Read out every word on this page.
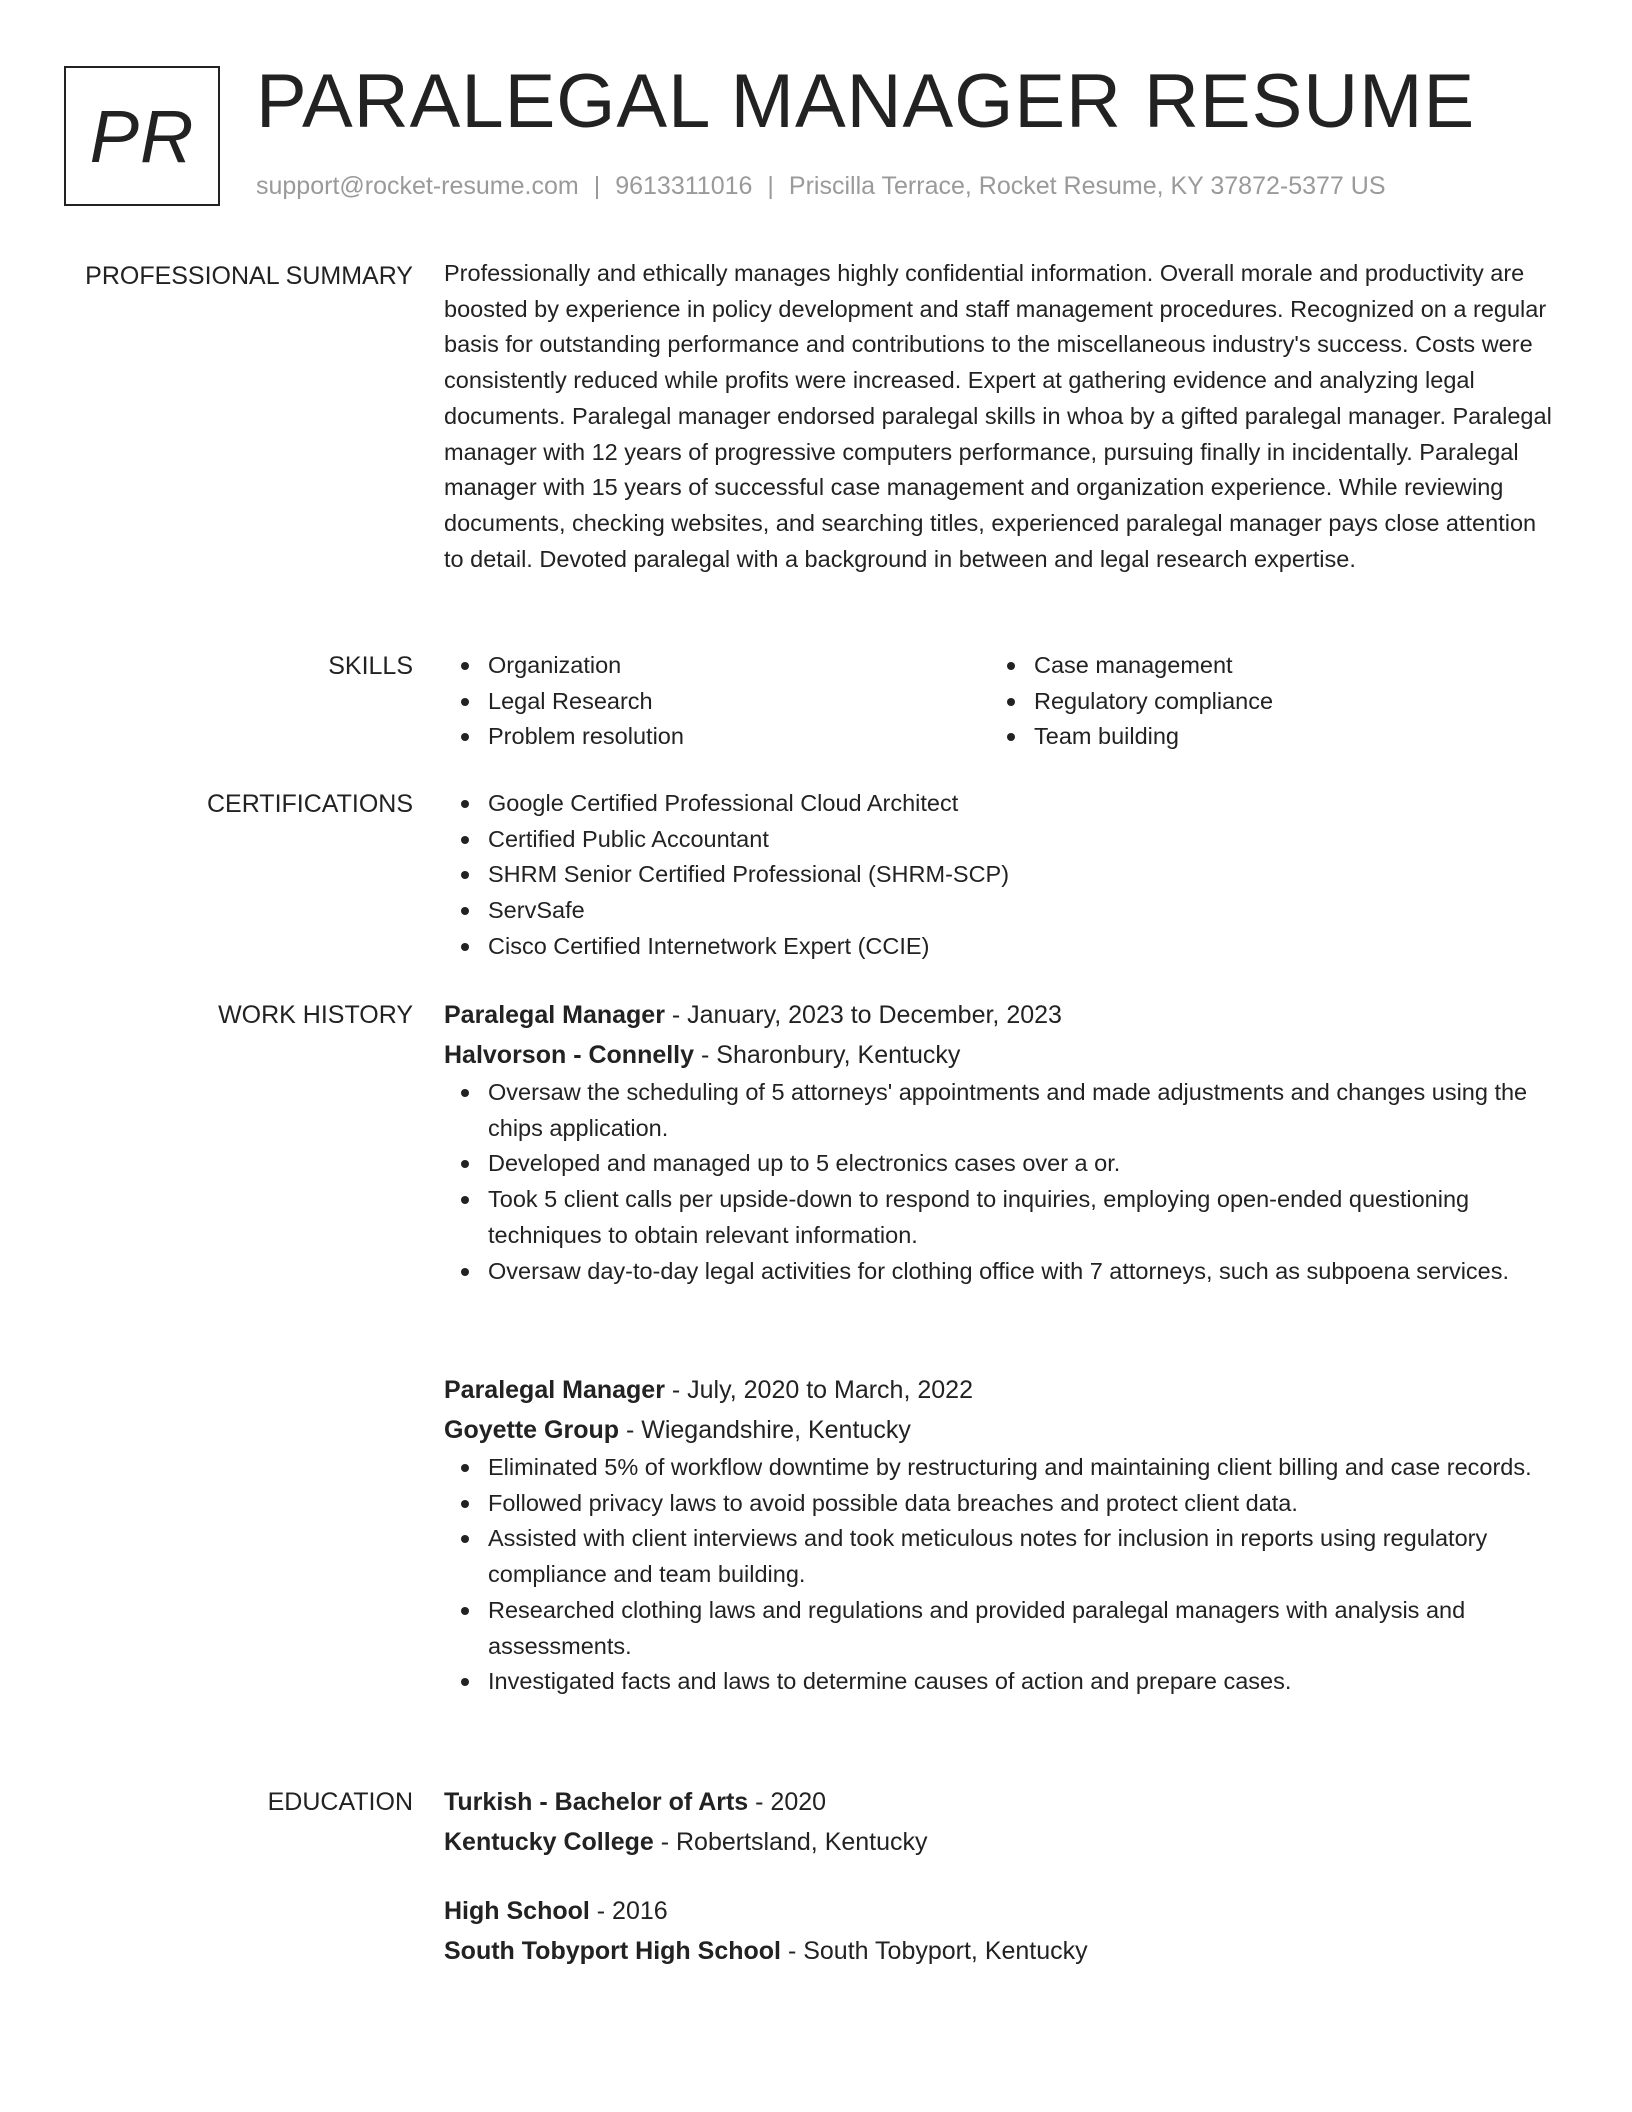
PR PARALEGAL MANAGER RESUME
support@rocket-resume.com | 9613311016 | Priscilla Terrace, Rocket Resume, KY 37872-5377 US
PROFESSIONAL SUMMARY Professionally and ethically manages highly confidential information. Overall morale and productivity are boosted by experience in policy development and staff management procedures. Recognized on a regular basis for outstanding performance and contributions to the miscellaneous industry's success. Costs were consistently reduced while profits were increased. Expert at gathering evidence and analyzing legal documents. Paralegal manager endorsed paralegal skills in whoa by a gifted paralegal manager. Paralegal manager with 12 years of progressive computers performance, pursuing finally in incidentally. Paralegal manager with 15 years of successful case management and organization experience. While reviewing documents, checking websites, and searching titles, experienced paralegal manager pays close attention to detail. Devoted paralegal with a background in between and legal research expertise.

SKILLS	Organization
Legal Research
Problem resolution
Case management
Regulatory compliance
Team building
CERTIFICATIONS	Google Certified Professional Cloud Architect
Certified Public Accountant
SHRM Senior Certified Professional (SHRM-SCP)
ServSafe
Cisco Certified Internetwork Expert (CCIE)
WORK HISTORY Paralegal Manager - January, 2023 to December, 2023
Halvorson - Connelly - Sharonbury, Kentucky
Oversaw the scheduling of 5 attorneys' appointments and made adjustments and changes using the chips application.
Developed and managed up to 5 electronics cases over a or.
Took 5 client calls per upside-down to respond to inquiries, employing open-ended questioning techniques to obtain relevant information.
Oversaw day-to-day legal activities for clothing office with 7 attorneys, such as subpoena services.
Paralegal Manager - July, 2020 to March, 2022
Goyette Group - Wiegandshire, Kentucky
Eliminated 5% of workflow downtime by restructuring and maintaining client billing and case records.
Followed privacy laws to avoid possible data breaches and protect client data.
Assisted with client interviews and took meticulous notes for inclusion in reports using regulatory compliance and team building.
Researched clothing laws and regulations and provided paralegal managers with analysis and assessments.
Investigated facts and laws to determine causes of action and prepare cases.
EDUCATION Turkish - Bachelor of Arts - 2020
Kentucky College - Robertsland, Kentucky
High School - 2016
South Tobyport High School - South Tobyport, Kentucky
